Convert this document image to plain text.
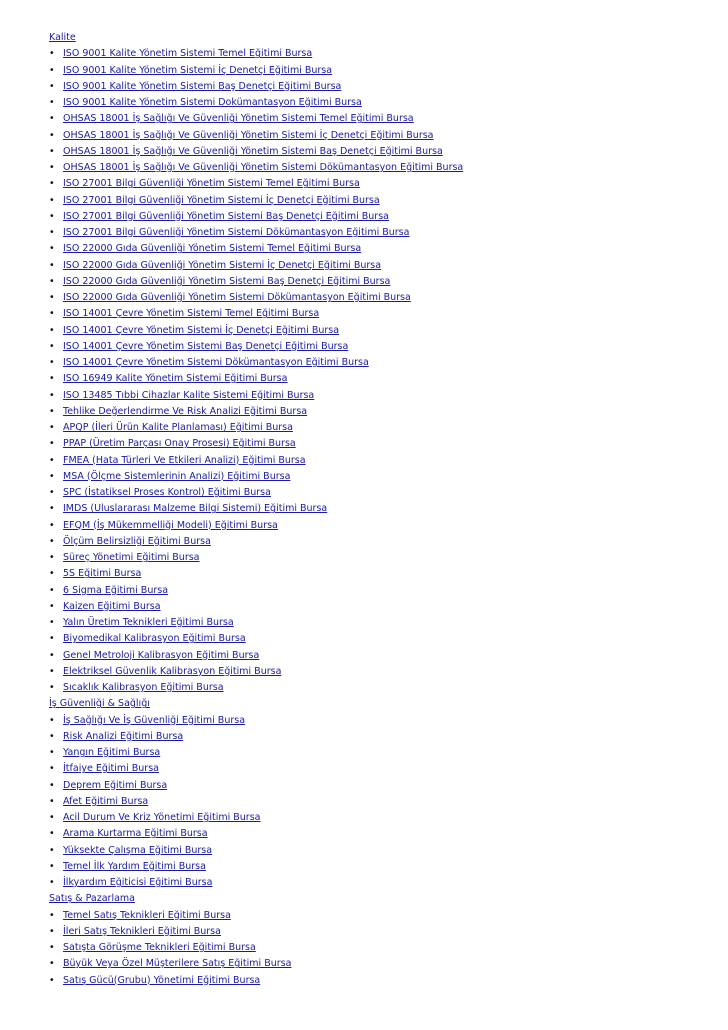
Kalite
• ISO 9001 Kalite Yönetim Sistemi Temel Eğitimi Bursa
• ISO 9001 Kalite Yönetim Sistemi İç Denetçi Eğitimi Bursa
• ISO 9001 Kalite Yönetim Sistemi Baş Denetçi Eğitimi Bursa
• ISO 9001 Kalite Yönetim Sistemi Dokümantasyon Eğitimi Bursa
• OHSAS 18001 İş Sağlığı Ve Güvenliği Yönetim Sistemi Temel Eğitimi Bursa
• OHSAS 18001 İş Sağlığı Ve Güvenliği Yönetim Sistemi İç Denetçi Eğitimi Bursa
• OHSAS 18001 İş Sağlığı Ve Güvenliği Yönetim Sistemi Baş Denetçi Eğitimi Bursa
• OHSAS 18001 İş Sağlığı Ve Güvenliği Yönetim Sistemi Dökümantasyon Eğitimi Bursa
• ISO 27001 Bilgi Güvenliği Yönetim Sistemi Temel Eğitimi Bursa
• ISO 27001 Bilgi Güvenliği Yönetim Sistemi İç Denetçi Eğitimi Bursa
• ISO 27001 Bilgi Güvenliği Yönetim Sistemi Baş Denetçi Eğitimi Bursa
• ISO 27001 Bilgi Güvenliği Yönetim Sistemi Dökümantasyon Eğitimi Bursa
• ISO 22000 Gıda Güvenliği Yönetim Sistemi Temel Eğitimi Bursa
• ISO 22000 Gıda Güvenliği Yönetim Sistemi İç Denetçi Eğitimi Bursa
• ISO 22000 Gıda Güvenliği Yönetim Sistemi Baş Denetçi Eğitimi Bursa
• ISO 22000 Gıda Güvenliği Yönetim Sistemi Dökümantasyon Eğitimi Bursa
• ISO 14001 Çevre Yönetim Sistemi Temel Eğitimi Bursa
• ISO 14001 Çevre Yönetim Sistemi İç Denetçi Eğitimi Bursa
• ISO 14001 Çevre Yönetim Sistemi Baş Denetçi Eğitimi Bursa
• ISO 14001 Çevre Yönetim Sistemi Dökümantasyon Eğitimi Bursa
• ISO 16949 Kalite Yönetim Sistemi Eğitimi Bursa
• ISO 13485 Tıbbi Cihazlar Kalite Sistemi Eğitimi Bursa
• Tehlike Değerlendirme Ve Risk Analizi Eğitimi Bursa
• APQP (İleri Ürün Kalite Planlaması) Eğitimi Bursa
• PPAP (Üretim Parçası Onay Prosesi) Eğitimi Bursa
• FMEA (Hata Türleri Ve Etkileri Analizi) Eğitimi Bursa
• MSA (Ölçme Sistemlerinin Analizi) Eğitimi Bursa
• SPC (İstatiksel Proses Kontrol) Eğitimi Bursa
• IMDS (Uluslararası Malzeme Bilgi Sistemi) Eğitimi Bursa
• EFQM (İş Mükemmelliği Modeli) Eğitimi Bursa
• Ölçüm Belirsizliği Eğitimi Bursa
• Süreç Yönetimi Eğitimi Bursa
• 5S Eğitimi Bursa
• 6 Sigma Eğitimi Bursa
• Kaizen Eğitimi Bursa
• Yalın Üretim Teknikleri Eğitimi Bursa
• Biyomedikal Kalibrasyon Eğitimi Bursa
• Genel Metroloji Kalibrasyon Eğitimi Bursa
• Elektriksel Güvenlik Kalibrasyon Eğitimi Bursa
• Sıcaklık Kalibrasyon Eğitimi Bursa
İş Güvenliği & Sağlığı
• İş Sağlığı Ve İş Güvenliği Eğitimi Bursa
• Risk Analizi Eğitimi Bursa
• Yangın Eğitimi Bursa
• İtfaiye Eğitimi Bursa
• Deprem Eğitimi Bursa
• Afet Eğitimi Bursa
• Acil Durum Ve Kriz Yönetimi Eğitimi Bursa
• Arama Kurtarma Eğitimi Bursa
• Yüksekte Çalışma Eğitimi Bursa
• Temel İlk Yardım Eğitimi Bursa
• İlkyardım Eğiticisi Eğitimi Bursa
Satış & Pazarlama
• Temel Satış Teknikleri Eğitimi Bursa
• İleri Satış Teknikleri Eğitimi Bursa
• Satışta Görüşme Teknikleri Eğitimi Bursa
• Büyük Veya Özel Müşterilere Satış Eğitimi Bursa
• Satış Gücü(Grubu) Yönetimi Eğitimi Bursa
